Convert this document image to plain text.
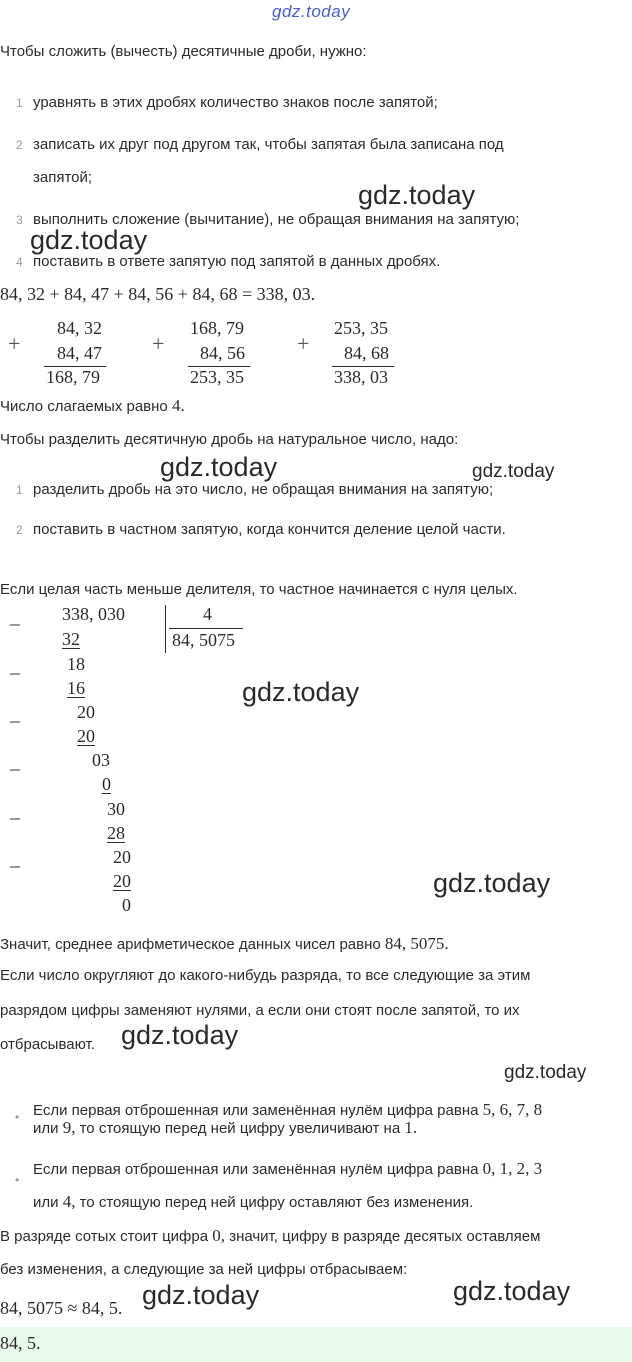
gdz.today
Чтобы сложить (вычесть) десятичные дроби, нужно:
1 уравнять в этих дробях количество знаков после запятой;
2 записать их друг под другом так, чтобы запятая была записана под
запятой;
3 выполнить сложение (вычитание), не обращая внимания на запятую;
4 поставить в ответе запятую под запятой в данных дробях.
84, 32 + 84, 47 + 84, 56 + 84, 68 = 338, 03.
+
84, 32
84, 47
168, 79
+
168, 79
84, 56
253, 35
+
253, 35
84, 68
338, 03
Число слагаемых равно 4.
Чтобы разделить десятичную дробь на натуральное число, надо:
1 разделить дробь на это число, не обращая внимания на запятую;
2 поставить в частном запятую, когда кончится деление целой части.
Если целая часть меньше делителя, то частное начинается с нуля целых.
_
_
_
_
_
_
338, 030	4
84, 5075
32
18
16
20
20
03
0
30
28
20
20
0
Значит, среднее арифметическое данных чисел равно 84, 5075.
Если число округляют до какого-нибудь разряда, то все следующие за этим
разрядом цифры заменяют нулями, а если они стоят после запятой, то их
отбрасывают.
• Если первая отброшенная или заменённая нулём цифра равна 5, 6, 7, 8
или 9, то стоящую перед ней цифру увеличивают на 1.
•
Если первая отброшенная или заменённая нулём цифра равна 0, 1, 2, 3
или 4, то стоящую перед ней цифру оставляют без изменения.
В разряде сотых стоит цифра 0, значит, цифру в разряде десятых оставляем
без изменения, а следующие за ней цифры отбрасываем:
84, 5075 ≈ 84, 5.
84, 5.
gdz.today
gdz.today
gdz.today	gdz.today
gdz.today
gdz.today
gdz.today
gdz.today
gdz.today	gdz.today
